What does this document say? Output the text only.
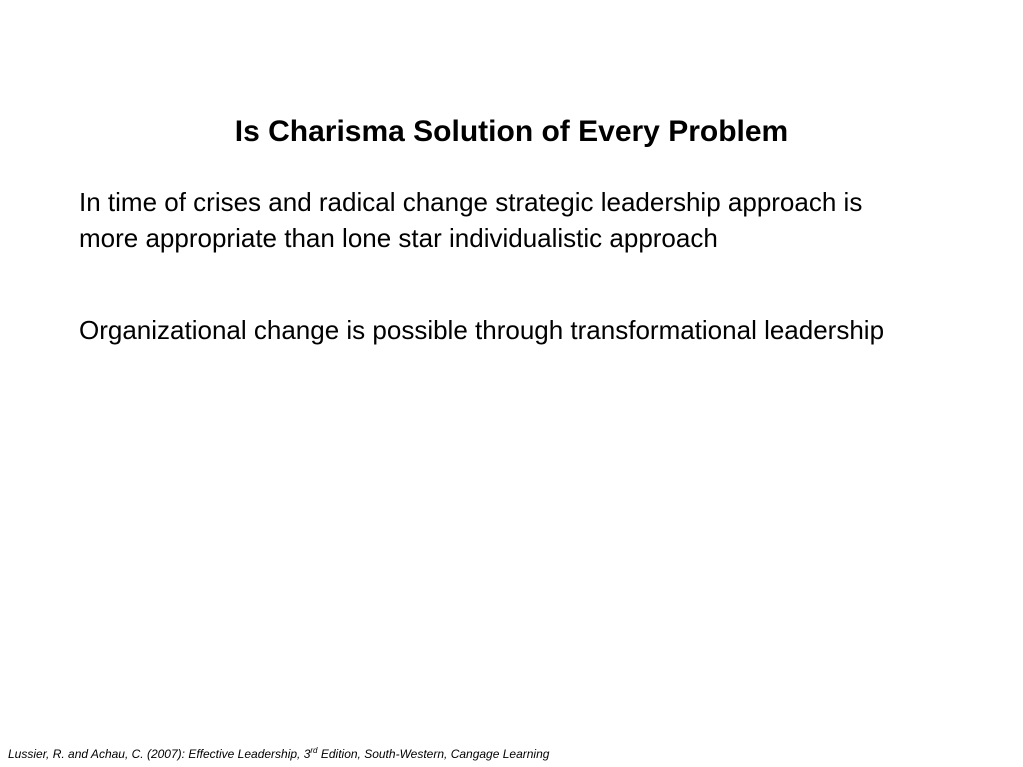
Is Charisma Solution of Every Problem

In time of crises and radical change strategic leadership approach is more appropriate than lone star individualistic approach

Organizational change is possible through transformational leadership

Lussier, R. and Achau, C. (2007): Effective Leadership, 3rd Edition, South-Western, Cangage Learning
